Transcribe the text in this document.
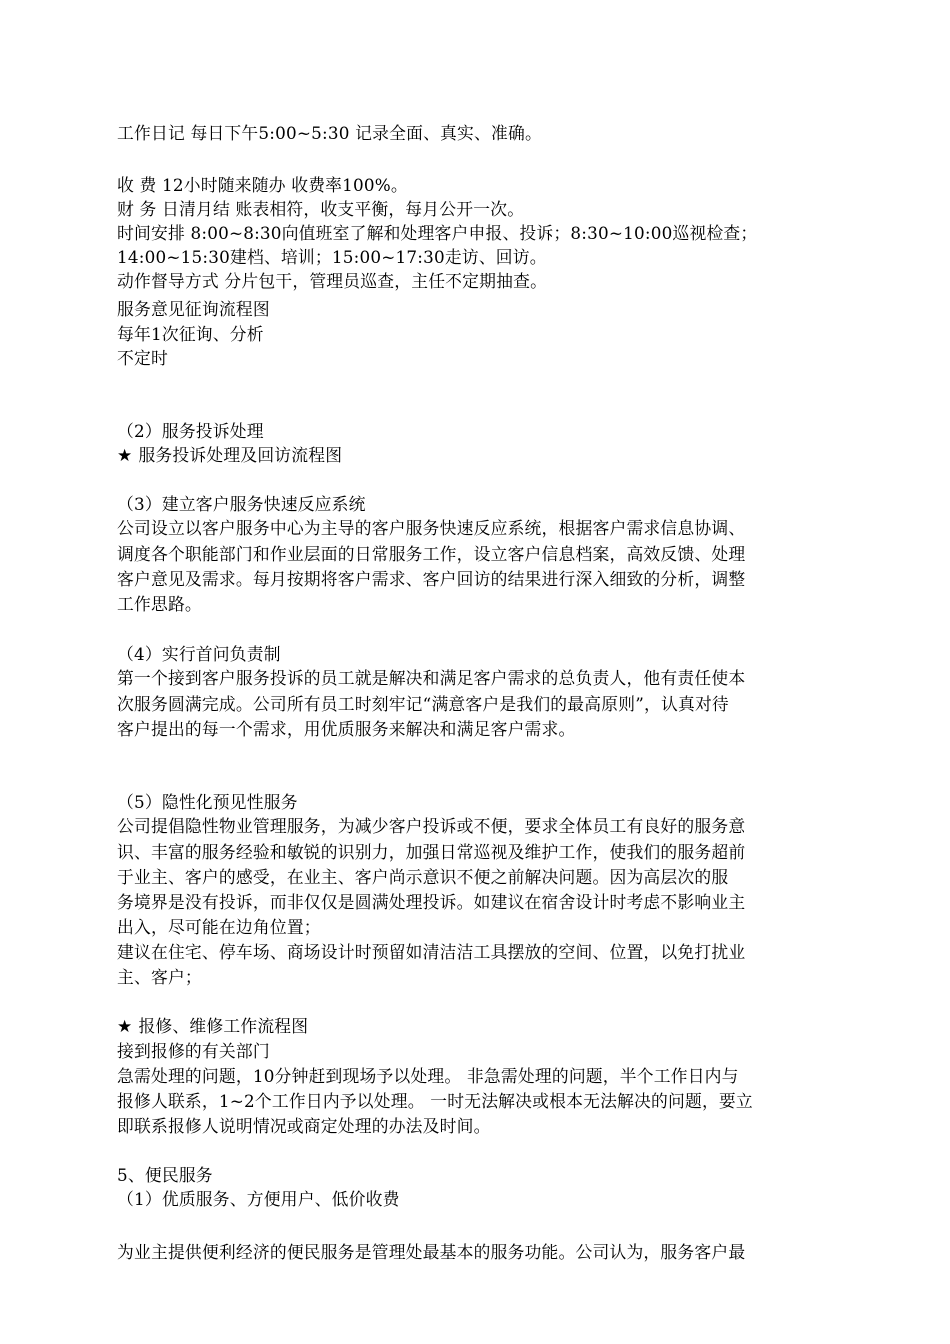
工作日记 每日下午5:00~5:30 记录全面、真实、准确。
收 费 12小时随来随办 收费率100%。
财 务 日清月结 账表相符，收支平衡，每月公开一次。
时间安排 8:00~8:30向值班室了解和处理客户申报、投诉；8:30~10:00巡视检查；
14:00~15:30建档、培训；15:00~17:30走访、回访。
动作督导方式 分片包干，管理员巡查，主任不定期抽查。
服务意见征询流程图
每年1次征询、分析
不定时
（2）服务投诉处理
★ 服务投诉处理及回访流程图
（3）建立客户服务快速反应系统
公司设立以客户服务中心为主导的客户服务快速反应系统，根据客户需求信息协调、
调度各个职能部门和作业层面的日常服务工作，设立客户信息档案，高效反馈、处理
客户意见及需求。每月按期将客户需求、客户回访的结果进行深入细致的分析，调整
工作思路。
（4）实行首问负责制
第一个接到客户服务投诉的员工就是解决和满足客户需求的总负责人，他有责任使本
次服务圆满完成。公司所有员工时刻牢记“满意客户是我们的最高原则”，认真对待
客户提出的每一个需求，用优质服务来解决和满足客户需求。
（5）隐性化预见性服务
公司提倡隐性物业管理服务，为减少客户投诉或不便，要求全体员工有良好的服务意
识、丰富的服务经验和敏锐的识别力，加强日常巡视及维护工作，使我们的服务超前
于业主、客户的感受，在业主、客户尚示意识不便之前解决问题。因为高层次的服
务境界是没有投诉，而非仅仅是圆满处理投诉。如建议在宿舍设计时考虑不影响业主
出入，尽可能在边角位置；
建议在住宅、停车场、商场设计时预留如清洁洁工具摆放的空间、位置，以免打扰业
主、客户；
★ 报修、维修工作流程图
接到报修的有关部门
急需处理的问题，10分钟赶到现场予以处理。 非急需处理的问题，半个工作日内与
报修人联系，1~2个工作日内予以处理。 一时无法解决或根本无法解决的问题，要立
即联系报修人说明情况或商定处理的办法及时间。
5、便民服务
（1）优质服务、方便用户、低价收费
为业主提供便利经济的便民服务是管理处最基本的服务功能。公司认为，服务客户最
